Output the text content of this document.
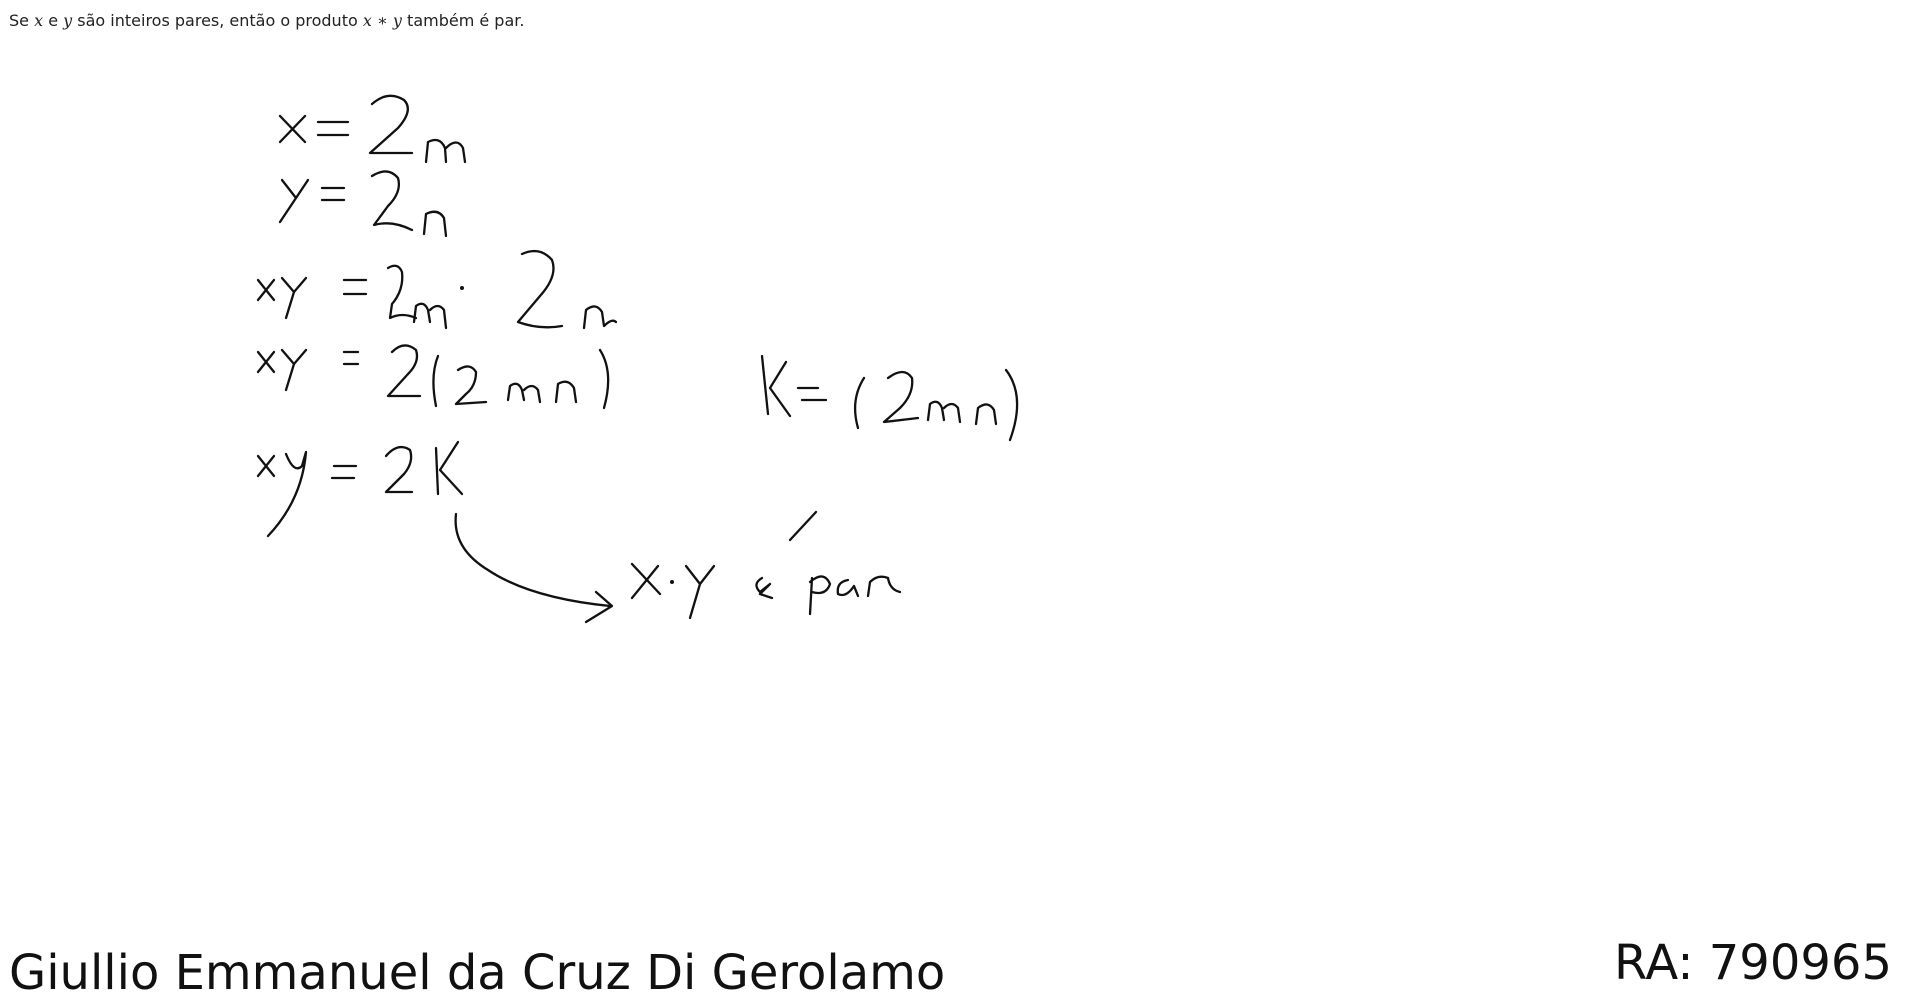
Se x e y são inteiros pares, então o produto x ∗ y também é par.
Giullio Emmanuel da Cruz Di Gerolamo	RA: 790965
